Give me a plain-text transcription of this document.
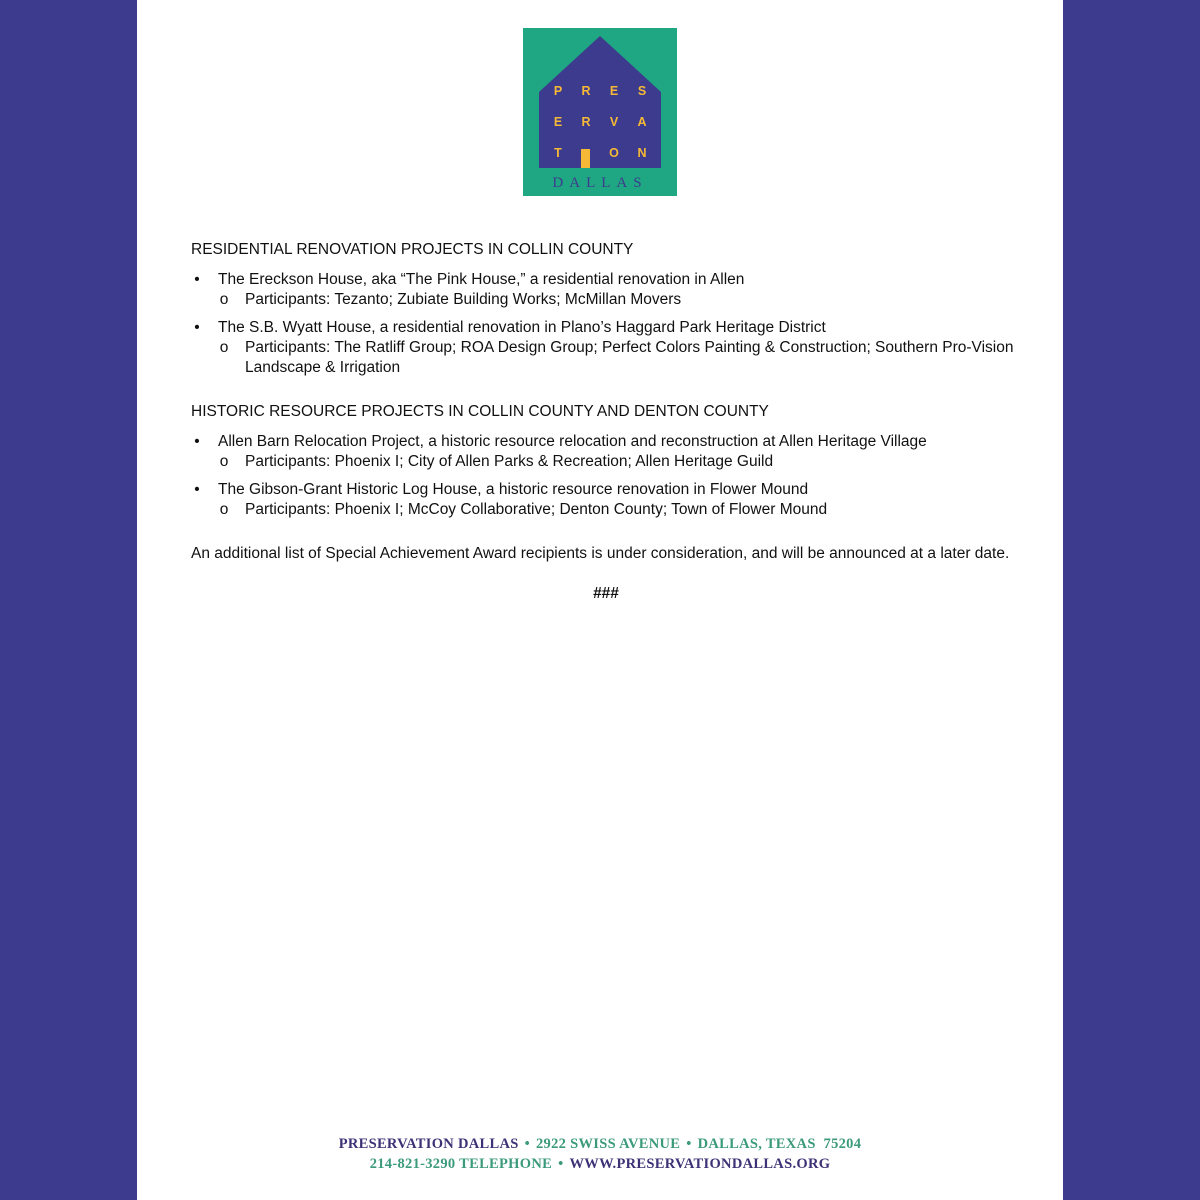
P R E S
E R V A
T	O N
DALLAS
RESIDENTIAL RENOVATION PROJECTS IN COLLIN COUNTY
• The Ereckson House, aka “The Pink House,” a residential renovation in Allen
o Participants: Tezanto; Zubiate Building Works; McMillan Movers
• The S.B. Wyatt House, a residential renovation in Plano’s Haggard Park Heritage District
o Participants: The Ratliff Group; ROA Design Group; Perfect Colors Painting & Construction; Southern Pro-Vision Landscape & Irrigation
HISTORIC RESOURCE PROJECTS IN COLLIN COUNTY AND DENTON COUNTY
• Allen Barn Relocation Project, a historic resource relocation and reconstruction at Allen Heritage Village
o Participants: Phoenix I; City of Allen Parks & Recreation; Allen Heritage Guild
• The Gibson-Grant Historic Log House, a historic resource renovation in Flower Mound
o Participants: Phoenix I; McCoy Collaborative; Denton County; Town of Flower Mound
An additional list of Special Achievement Award recipients is under consideration, and will be announced at a later date.
###
PRESERVATION DALLAS • 2922 SWISS AVENUE • DALLAS, TEXAS  75204
214-821-3290 TELEPHONE • WWW.PRESERVATIONDALLAS.ORG
